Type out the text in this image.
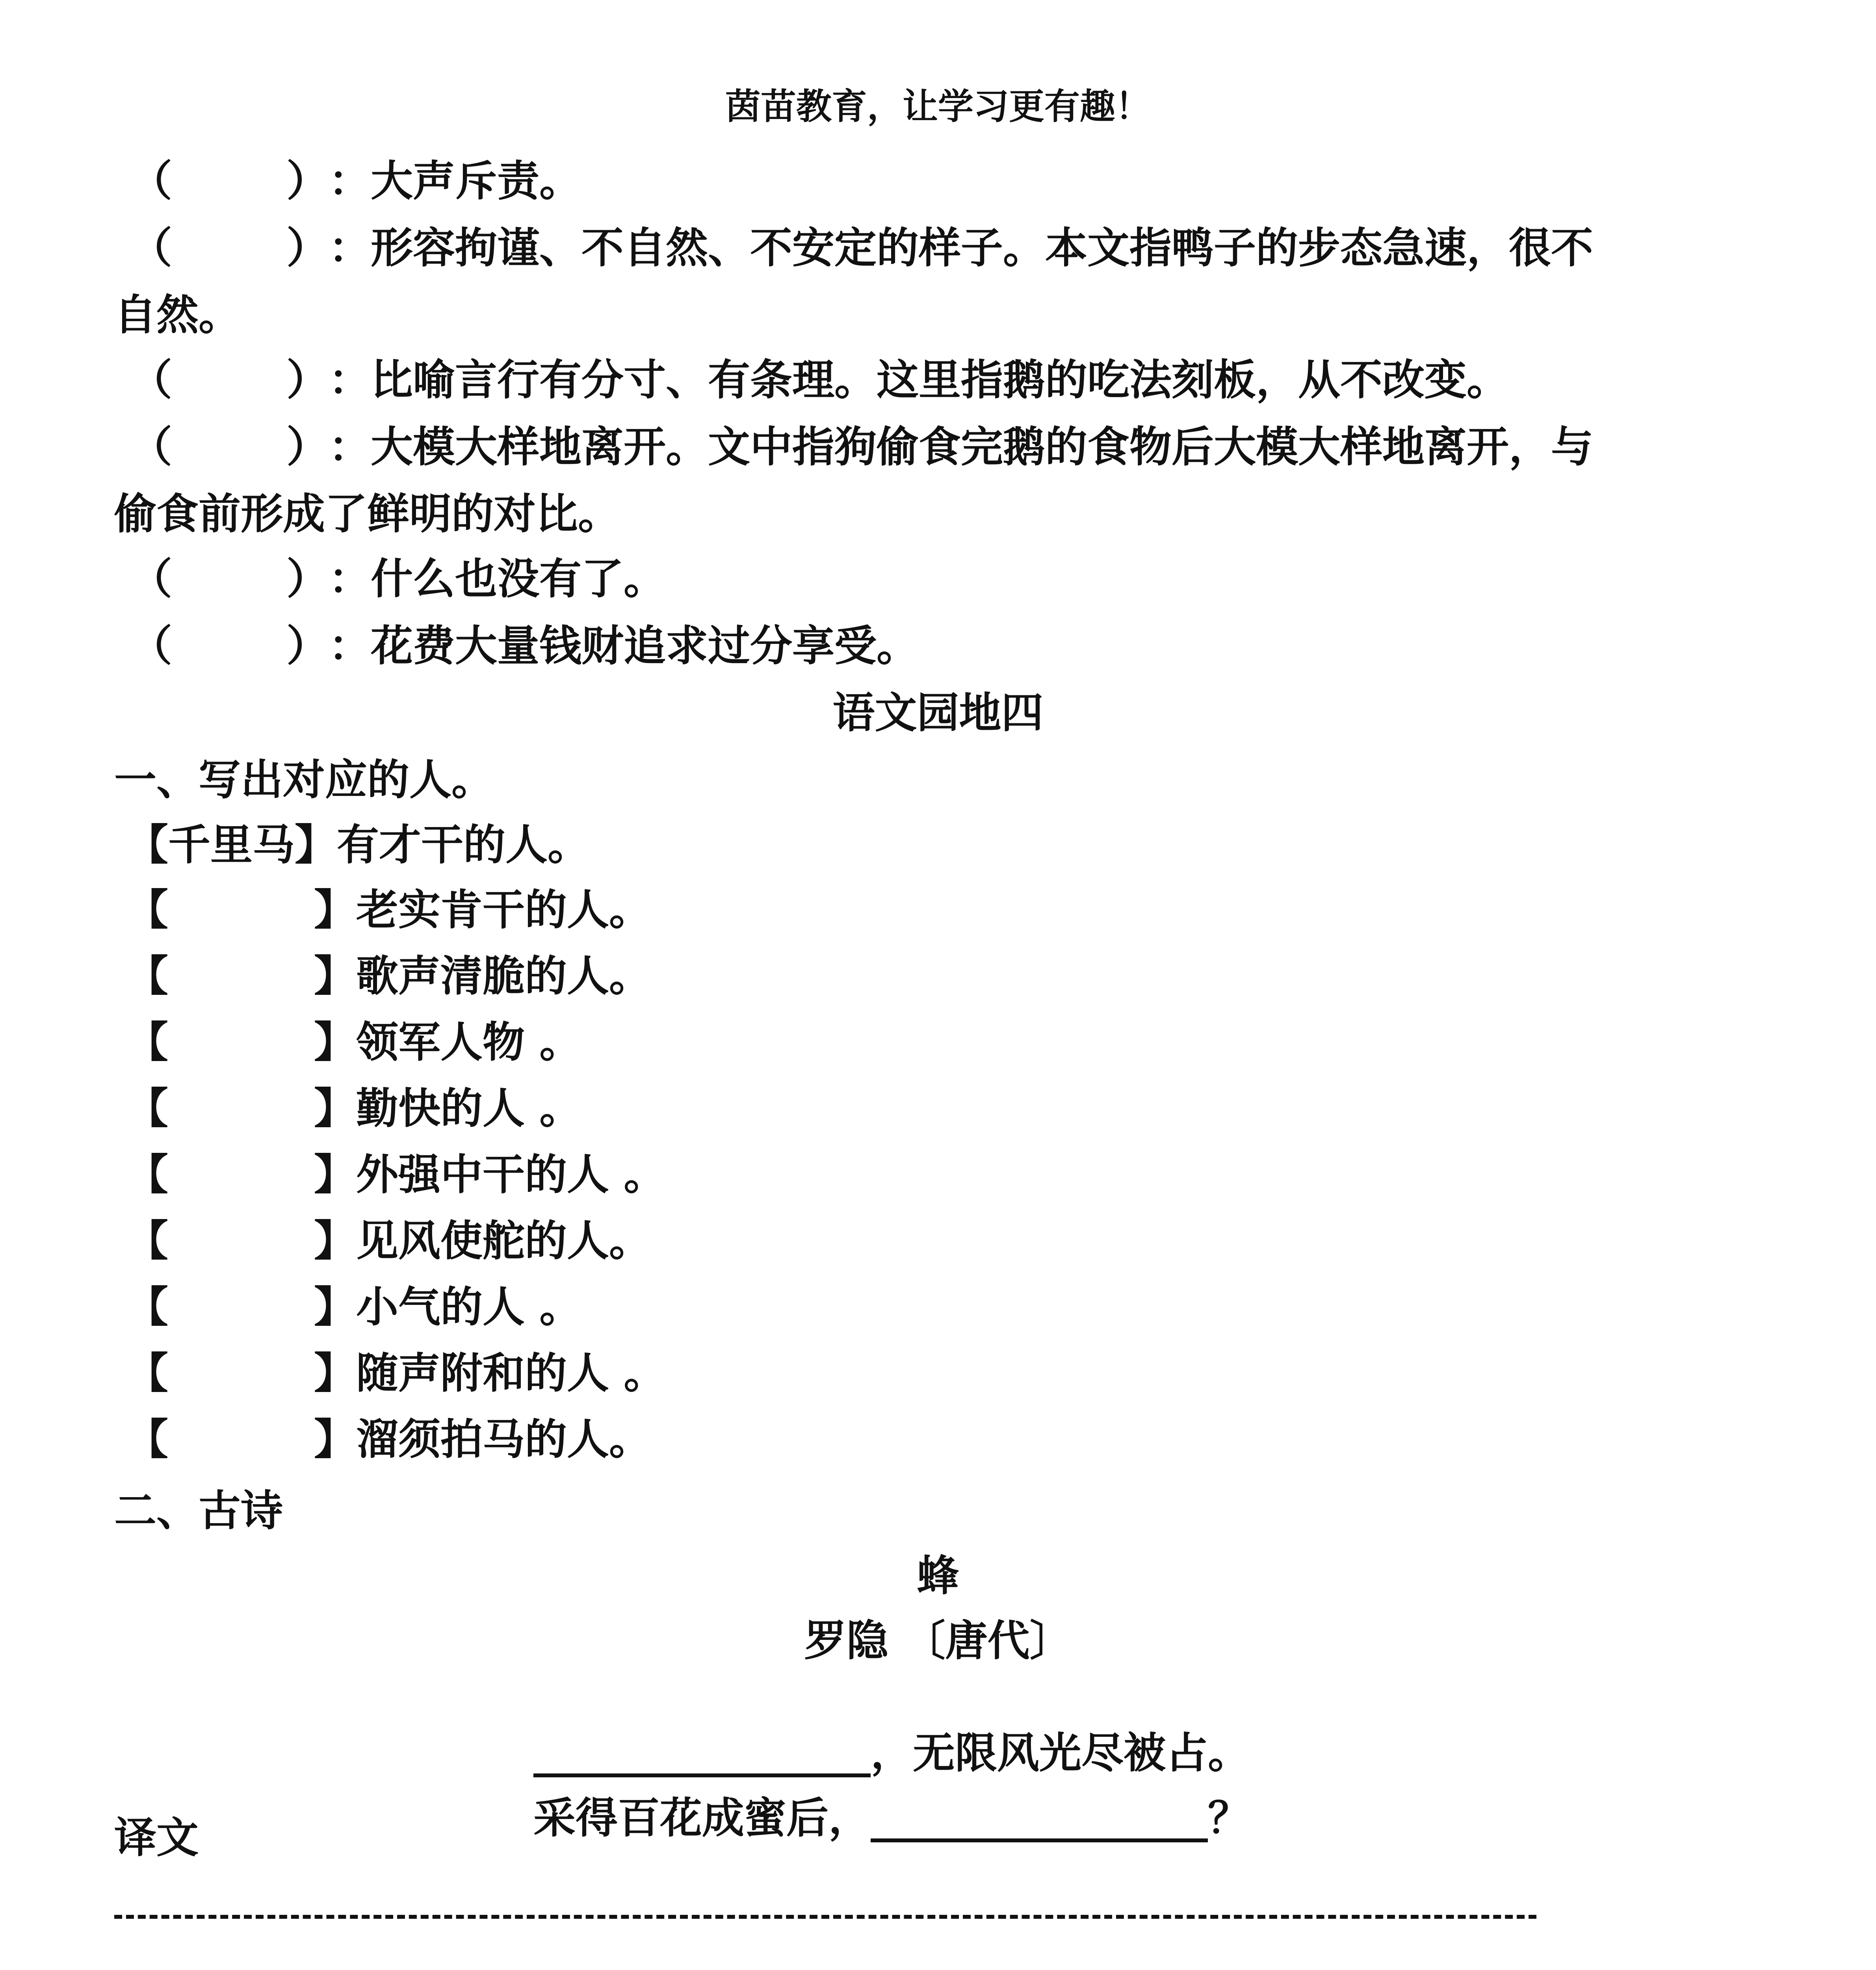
茵苗教育，让学习更有趣！
（	）：大声斥责。
（	）：形容拘谨、不自然、不安定的样子。本文指鸭子的步态急速，很不
自然。
（	）：比喻言行有分寸、有条理。这里指鹅的吃法刻板，从不改变。
（	）：大模大样地离开。文中指狗偷食完鹅的食物后大模大样地离开，与
偷食前形成了鲜明的对比。
（	）：什么也没有了。
（	）：花费大量钱财追求过分享受。
语文园地四
一、写出对应的人。
【千里马】有才干的人。
【	】老实肯干的人。
【	】歌声清脆的人。
【	】领军人物 。
【	】勤快的人 。
【	】外强中干的人 。
【	】见风使舵的人。
【	】小气的人 。
【	】随声附和的人 。
【	】溜须拍马的人。
二、古诗
蜂
罗隐 〔唐代〕

________________，无限风光尽被占。

采得百花成蜜后，________________？

译文
